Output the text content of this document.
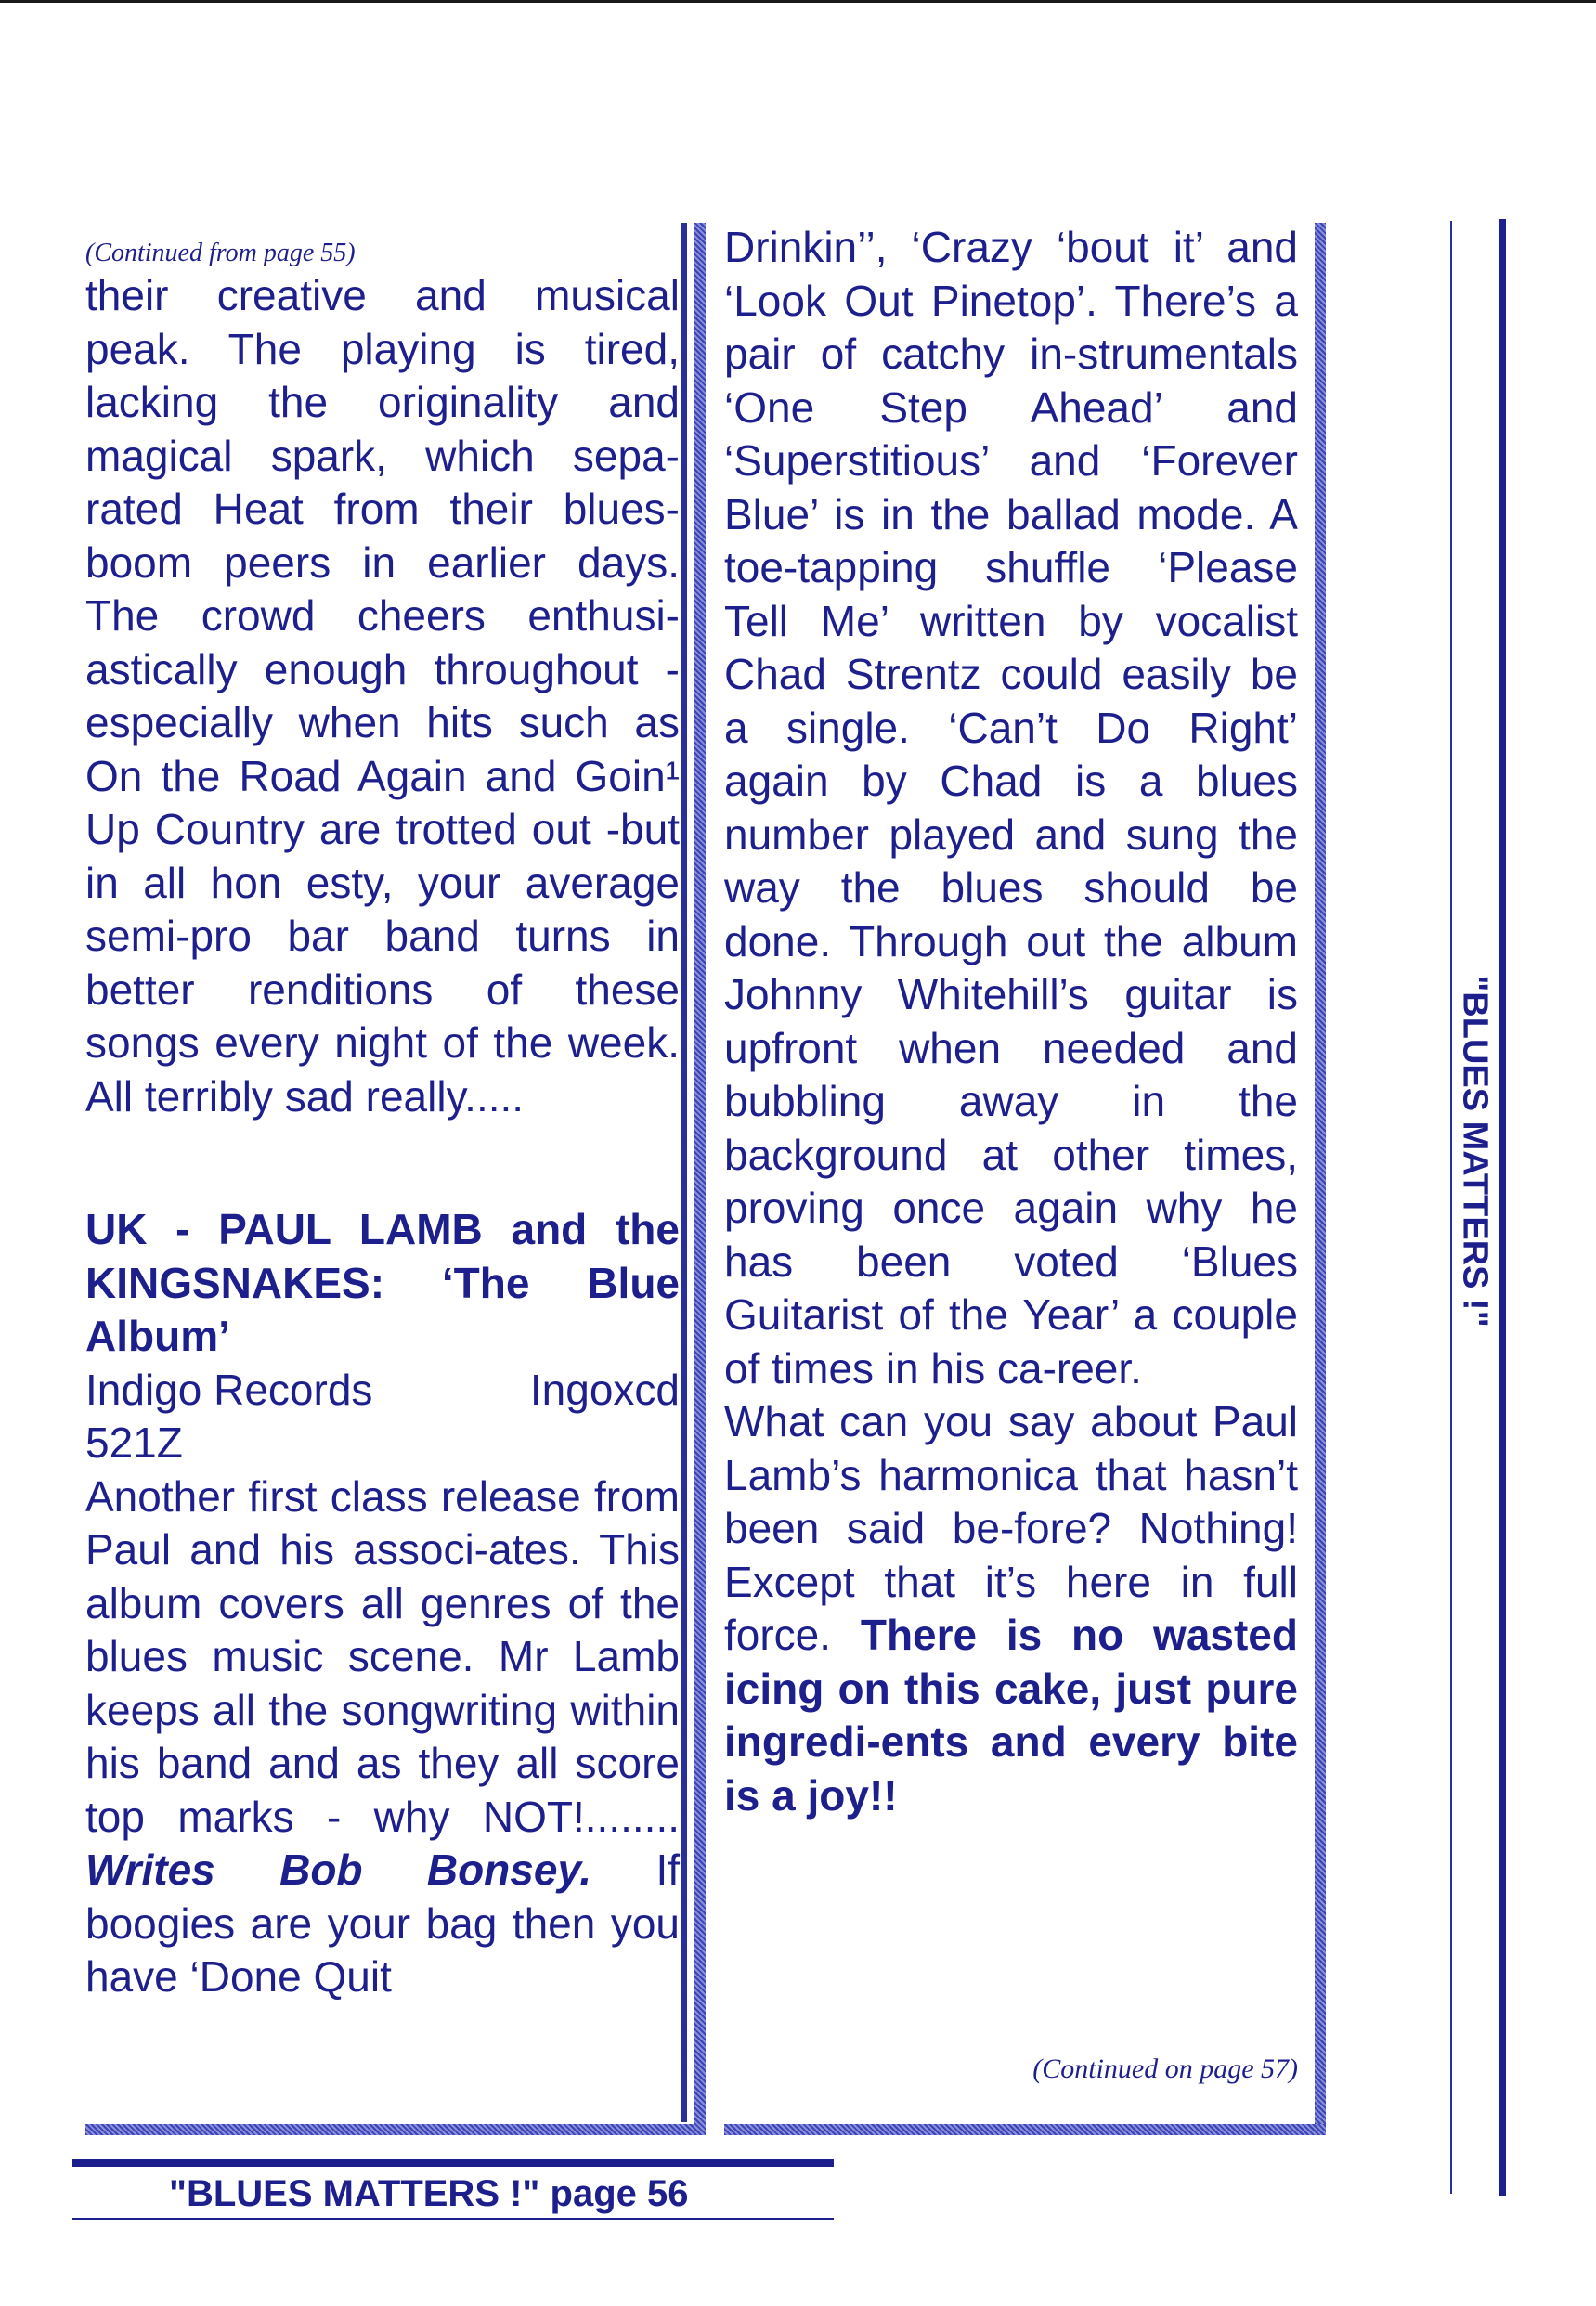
(Continued from page 55)

their creative and musical peak. The playing is tired, lacking the originality and magical spark, which sepa-rated Heat from their blues-boom peers in earlier days. The crowd cheers enthusi-astically enough throughout - especially when hits such as On the Road Again and Goin¹ Up Country are trotted out -but in all hon esty, your average semi-pro bar band turns in better renditions of these songs every night of the week. All terribly sad really.....

UK - PAUL LAMB and the KINGSNAKES: ‘The Blue Album’

Indigo Records	Ingoxcd
521Z

Another first class release from Paul and his associ-ates. This album covers all genres of the blues music scene. Mr Lamb keeps all the songwriting within his band and as they all score top marks - why NOT!........ Writes Bob Bonsey. If boogies are your bag then you have ‘Done Quit

Drinkin’’, ‘Crazy ‘bout it’ and ‘Look Out Pinetop’. There’s a pair of catchy in-strumentals ‘One Step Ahead’ and ‘Superstitious’ and ‘Forever Blue’ is in the ballad mode. A toe-tapping shuffle ‘Please Tell Me’ written by vocalist Chad Strentz could easily be a single. ‘Can’t Do Right’ again by Chad is a blues number played and sung the way the blues should be done. Through out the album Johnny Whitehill’s guitar is upfront when needed and bubbling away in the background at other times, proving once again why he has been voted ‘Blues Guitarist of the Year’ a couple of times in his ca-reer.

What can you say about Paul Lamb’s harmonica that hasn’t been said be-fore? Nothing! Except that it’s here in full force. There is no wasted icing on this cake, just pure ingredi-ents and every bite is a joy!!

(Continued on page 57)
"BLUES MATTERS !"
"BLUES MATTERS !" page 56
